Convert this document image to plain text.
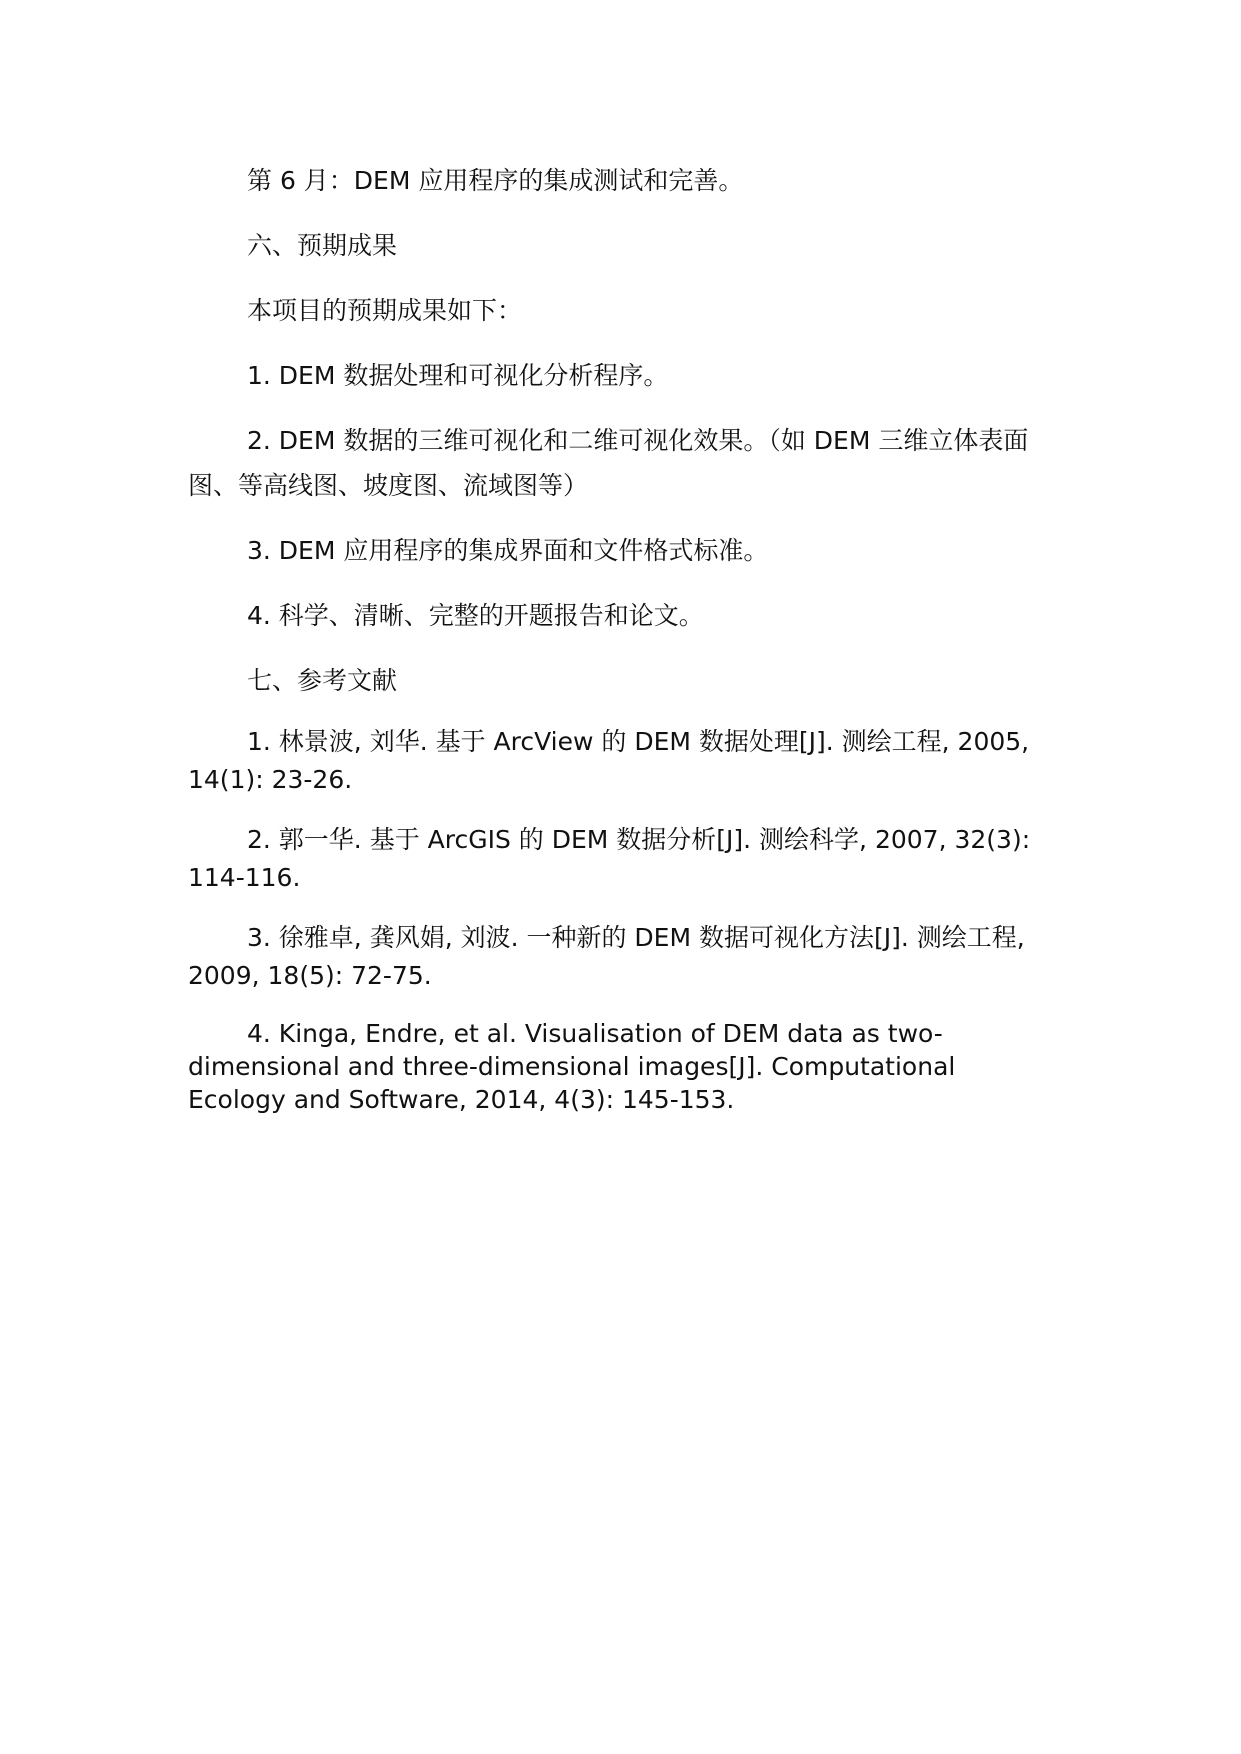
第 6 月：DEM 应用程序的集成测试和完善。

六、预期成果

本项目的预期成果如下：

1. DEM 数据处理和可视化分析程序。

2. DEM 数据的三维可视化和二维可视化效果。（如 DEM 三维立体表面图、等高线图、坡度图、流域图等）

3. DEM 应用程序的集成界面和文件格式标准。

4. 科学、清晰、完整的开题报告和论文。

七、参考文献

1. 林景波, 刘华. 基于 ArcView 的 DEM 数据处理[J]. 测绘工程, 2005, 14(1): 23-26.

2. 郭一华. 基于 ArcGIS 的 DEM 数据分析[J]. 测绘科学, 2007, 32(3): 114-116.

3. 徐雅卓, 龚风娟, 刘波. 一种新的 DEM 数据可视化方法[J]. 测绘工程, 2009, 18(5): 72-75.

4. Kinga, Endre, et al. Visualisation of DEM data as two-dimensional and three-dimensional images[J]. Computational Ecology and Software, 2014, 4(3): 145-153.
